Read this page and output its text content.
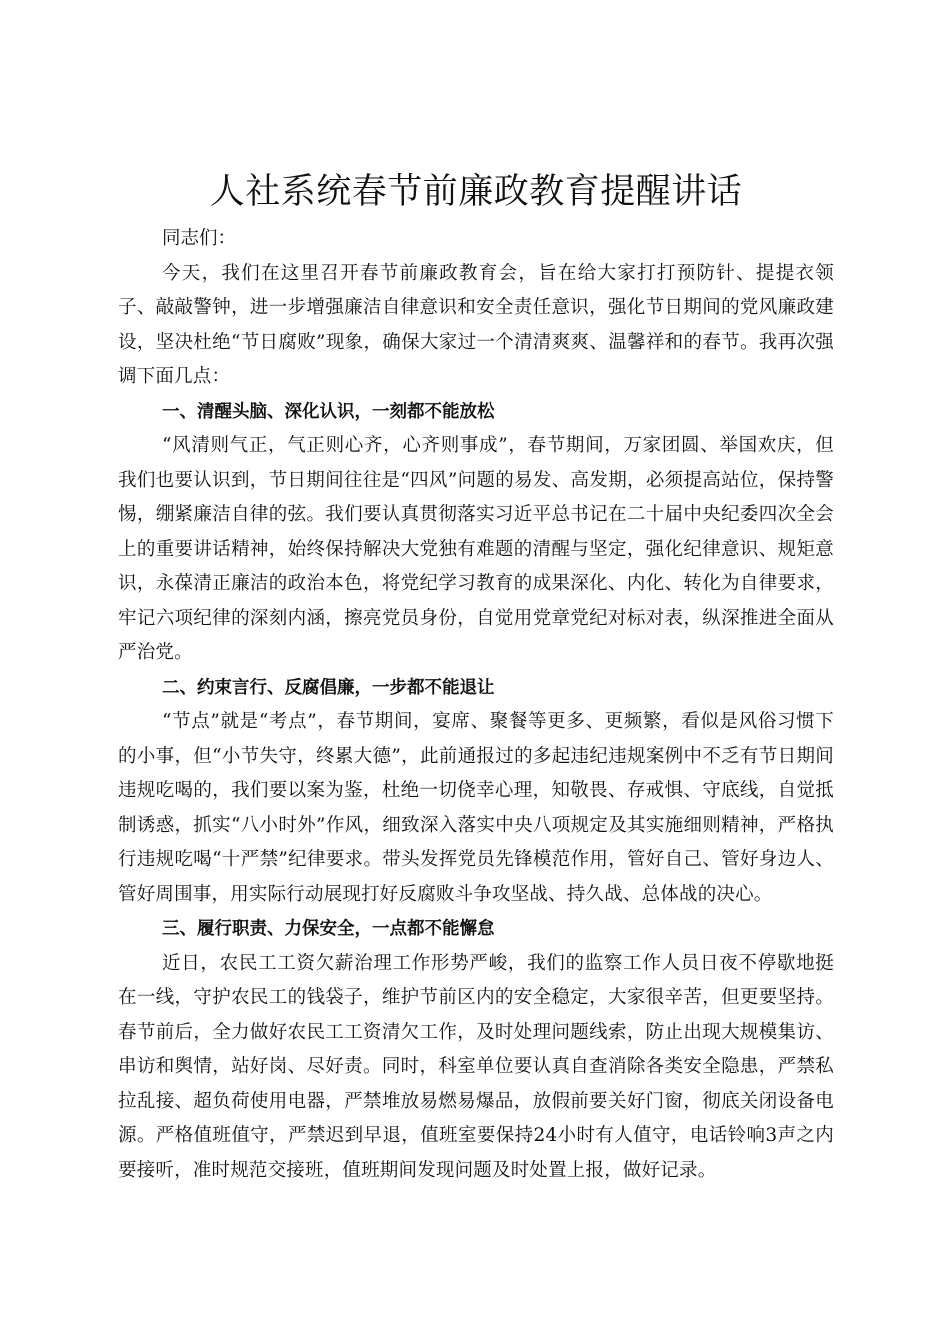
人社系统春节前廉政教育提醒讲话

同志们：

今天，我们在这里召开春节前廉政教育会，旨在给大家打打预防针、提提衣领子、敲敲警钟，进一步增强廉洁自律意识和安全责任意识，强化节日期间的党风廉政建设，坚决杜绝“节日腐败”现象，确保大家过一个清清爽爽、温馨祥和的春节。我再次强调下面几点：

一、清醒头脑、深化认识，一刻都不能放松

“风清则气正，气正则心齐，心齐则事成”，春节期间，万家团圆、举国欢庆，但我们也要认识到，节日期间往往是“四风”问题的易发、高发期，必须提高站位，保持警惕，绷紧廉洁自律的弦。我们要认真贯彻落实习近平总书记在二十届中央纪委四次全会上的重要讲话精神，始终保持解决大党独有难题的清醒与坚定，强化纪律意识、规矩意识，永葆清正廉洁的政治本色，将党纪学习教育的成果深化、内化、转化为自律要求，牢记六项纪律的深刻内涵，擦亮党员身份，自觉用党章党纪对标对表，纵深推进全面从严治党。

二、约束言行、反腐倡廉，一步都不能退让

“节点”就是“考点”，春节期间，宴席、聚餐等更多、更频繁，看似是风俗习惯下的小事，但“小节失守，终累大德”，此前通报过的多起违纪违规案例中不乏有节日期间违规吃喝的，我们要以案为鉴，杜绝一切侥幸心理，知敬畏、存戒惧、守底线，自觉抵制诱惑，抓实“八小时外”作风，细致深入落实中央八项规定及其实施细则精神，严格执行违规吃喝“十严禁”纪律要求。带头发挥党员先锋模范作用，管好自己、管好身边人、管好周围事，用实际行动展现打好反腐败斗争攻坚战、持久战、总体战的决心。

三、履行职责、力保安全，一点都不能懈怠

近日，农民工工资欠薪治理工作形势严峻，我们的监察工作人员日夜不停歇地挺在一线，守护农民工的钱袋子，维护节前区内的安全稳定，大家很辛苦，但更要坚持。春节前后，全力做好农民工工资清欠工作，及时处理问题线索，防止出现大规模集访、串访和舆情，站好岗、尽好责。同时，科室单位要认真自查消除各类安全隐患，严禁私拉乱接、超负荷使用电器，严禁堆放易燃易爆品，放假前要关好门窗，彻底关闭设备电源。严格值班值守，严禁迟到早退，值班室要保持24小时有人值守，电话铃响3声之内要接听，准时规范交接班，值班期间发现问题及时处置上报，做好记录。
